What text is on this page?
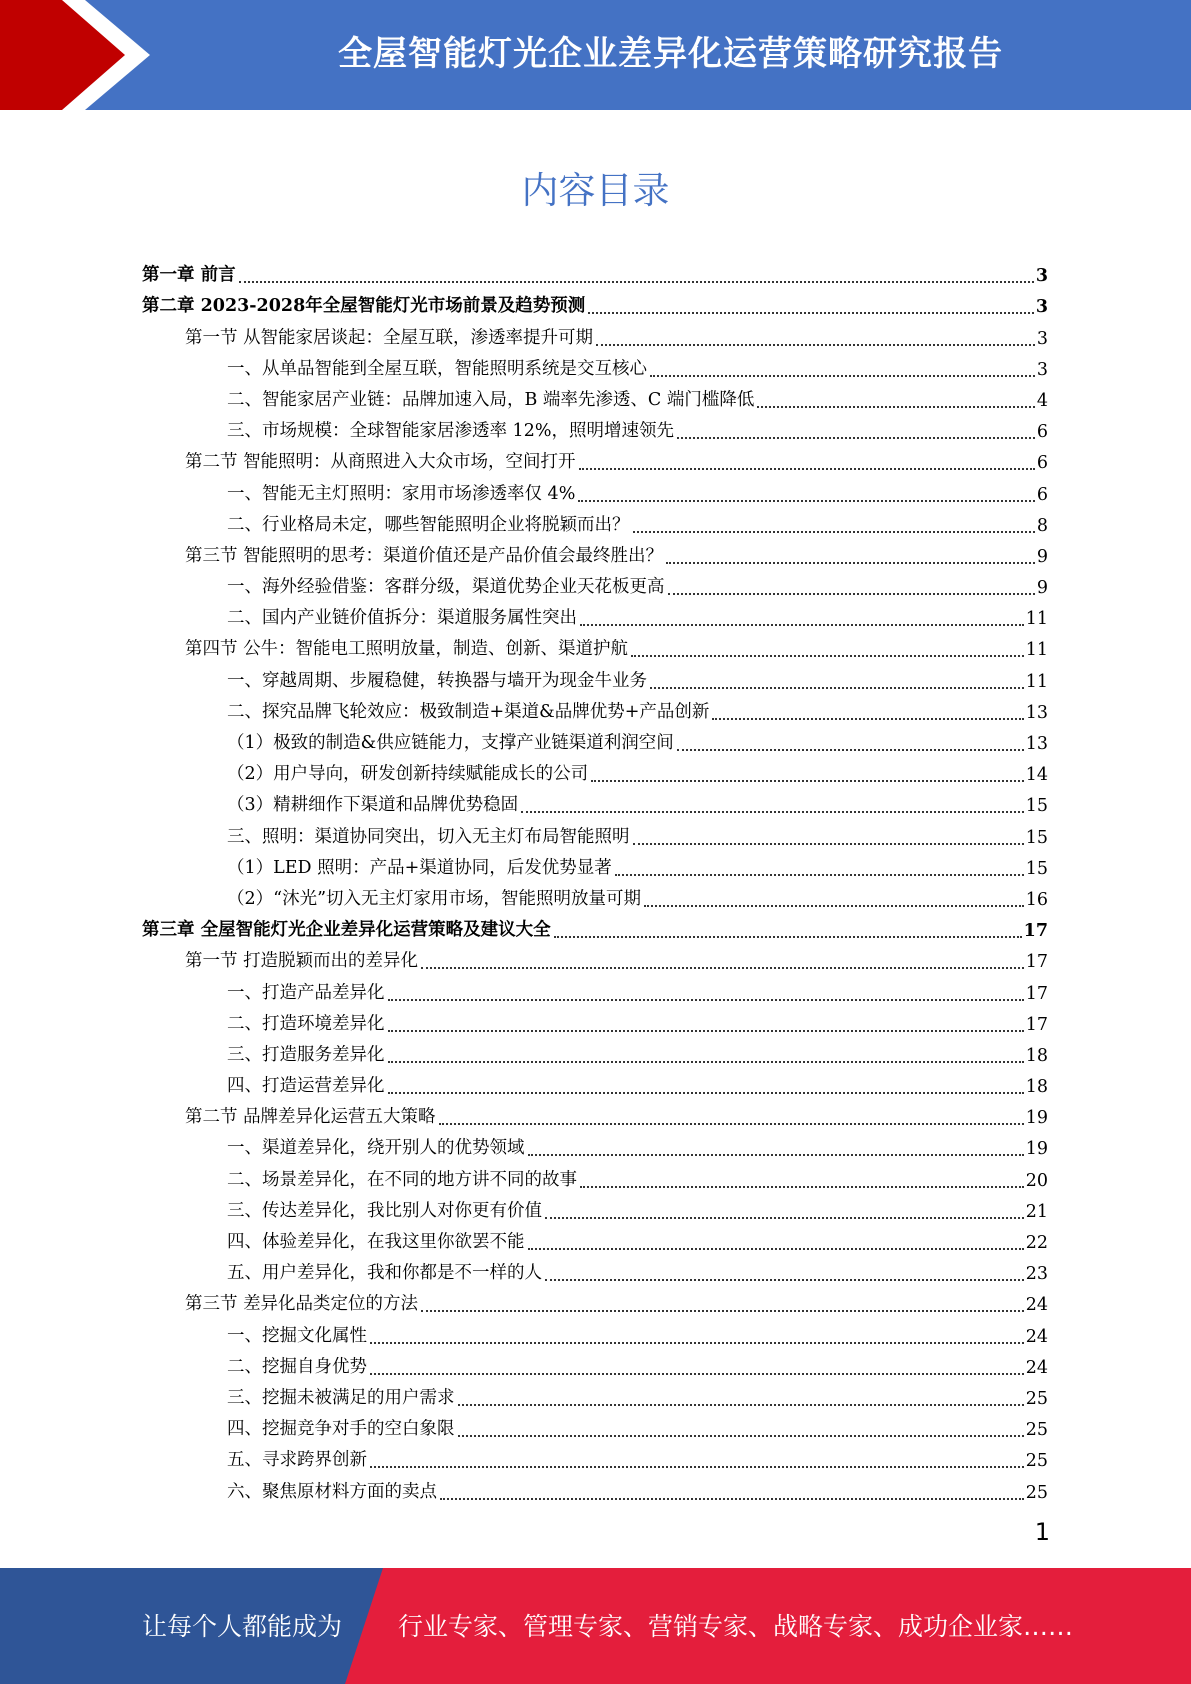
全屋智能灯光企业差异化运营策略研究报告
内容目录
第一章 前言	3
第二章 2023-2028年全屋智能灯光市场前景及趋势预测	3
第一节 从智能家居谈起：全屋互联，渗透率提升可期	3
一、从单品智能到全屋互联，智能照明系统是交互核心	3
二、智能家居产业链：品牌加速入局，B 端率先渗透、C 端门槛降低	4
三、市场规模：全球智能家居渗透率 12%，照明增速领先	6
第二节 智能照明：从商照进入大众市场，空间打开	6
一、智能无主灯照明：家用市场渗透率仅 4%	6
二、行业格局未定，哪些智能照明企业将脱颖而出？	8
第三节 智能照明的思考：渠道价值还是产品价值会最终胜出？	9
一、海外经验借鉴：客群分级，渠道优势企业天花板更高	9
二、国内产业链价值拆分：渠道服务属性突出	11
第四节 公牛：智能电工照明放量，制造、创新、渠道护航	11
一、穿越周期、步履稳健，转换器与墙开为现金牛业务	11
二、探究品牌飞轮效应：极致制造+渠道&品牌优势+产品创新	13
（1）极致的制造&供应链能力，支撑产业链渠道利润空间	13
（2）用户导向，研发创新持续赋能成长的公司	14
（3）精耕细作下渠道和品牌优势稳固	15
三、照明：渠道协同突出，切入无主灯布局智能照明	15
（1）LED 照明：产品+渠道协同，后发优势显著	15
（2）“沐光”切入无主灯家用市场，智能照明放量可期	16
第三章 全屋智能灯光企业差异化运营策略及建议大全	17
第一节 打造脱颖而出的差异化	17
一、打造产品差异化	17
二、打造环境差异化	17
三、打造服务差异化	18
四、打造运营差异化	18
第二节 品牌差异化运营五大策略	19
一、渠道差异化，绕开别人的优势领域	19
二、场景差异化，在不同的地方讲不同的故事	20
三、传达差异化，我比别人对你更有价值	21
四、体验差异化，在我这里你欲罢不能	22
五、用户差异化，我和你都是不一样的人	23
第三节 差异化品类定位的方法	24
一、挖掘文化属性	24
二、挖掘自身优势	24
三、挖掘未被满足的用户需求	25
四、挖掘竞争对手的空白象限	25
五、寻求跨界创新	25
六、聚焦原材料方面的卖点	25
1
让每个人都能成为 行业专家、管理专家、营销专家、战略专家、成功企业家……
